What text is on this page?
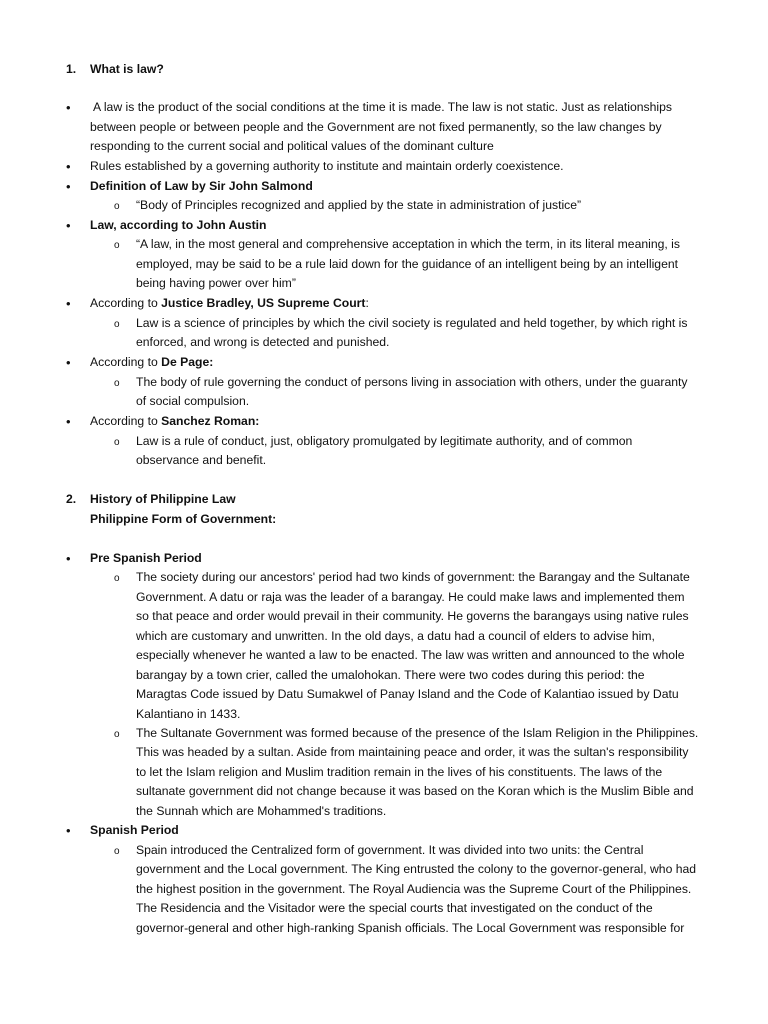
1. What is law?
• A law is the product of the social conditions at the time it is made. The law is not static. Just as relationships
between people or between people and the Government are not fixed permanently, so the law changes by
responding to the current social and political values of the dominant culture
• Rules established by a governing authority to institute and maintain orderly coexistence.
• Definition of Law by Sir John Salmond
o “Body of Principles recognized and applied by the state in administration of justice”
• Law, according to John Austin
o “A law, in the most general and comprehensive acceptation in which the term, in its literal meaning, is
employed, may be said to be a rule laid down for the guidance of an intelligent being by an intelligent
being having power over him”
• According to Justice Bradley, US Supreme Court:
o Law is a science of principles by which the civil society is regulated and held together, by which right is
enforced, and wrong is detected and punished.
• According to De Page:
o The body of rule governing the conduct of persons living in association with others, under the guaranty
of social compulsion.
• According to Sanchez Roman:
o Law is a rule of conduct, just, obligatory promulgated by legitimate authority, and of common
observance and benefit.
2. History of Philippine Law
Philippine Form of Government:
• Pre Spanish Period
o The society during our ancestors' period had two kinds of government: the Barangay and the Sultanate
Government. A datu or raja was the leader of a barangay. He could make laws and implemented them
so that peace and order would prevail in their community. He governs the barangays using native rules
which are customary and unwritten. In the old days, a datu had a council of elders to advise him,
especially whenever he wanted a law to be enacted. The law was written and announced to the whole
barangay by a town crier, called the umalohokan. There were two codes during this period: the
Maragtas Code issued by Datu Sumakwel of Panay Island and the Code of Kalantiao issued by Datu
Kalantiano in 1433.
o The Sultanate Government was formed because of the presence of the Islam Religion in the Philippines.
This was headed by a sultan. Aside from maintaining peace and order, it was the sultan's responsibility
to let the Islam religion and Muslim tradition remain in the lives of his constituents. The laws of the
sultanate government did not change because it was based on the Koran which is the Muslim Bible and
the Sunnah which are Mohammed's traditions.
• Spanish Period
o Spain introduced the Centralized form of government. It was divided into two units: the Central
government and the Local government. The King entrusted the colony to the governor-general, who had
the highest position in the government. The Royal Audiencia was the Supreme Court of the Philippines.
The Residencia and the Visitador were the special courts that investigated on the conduct of the
governor-general and other high-ranking Spanish officials. The Local Government was responsible for
